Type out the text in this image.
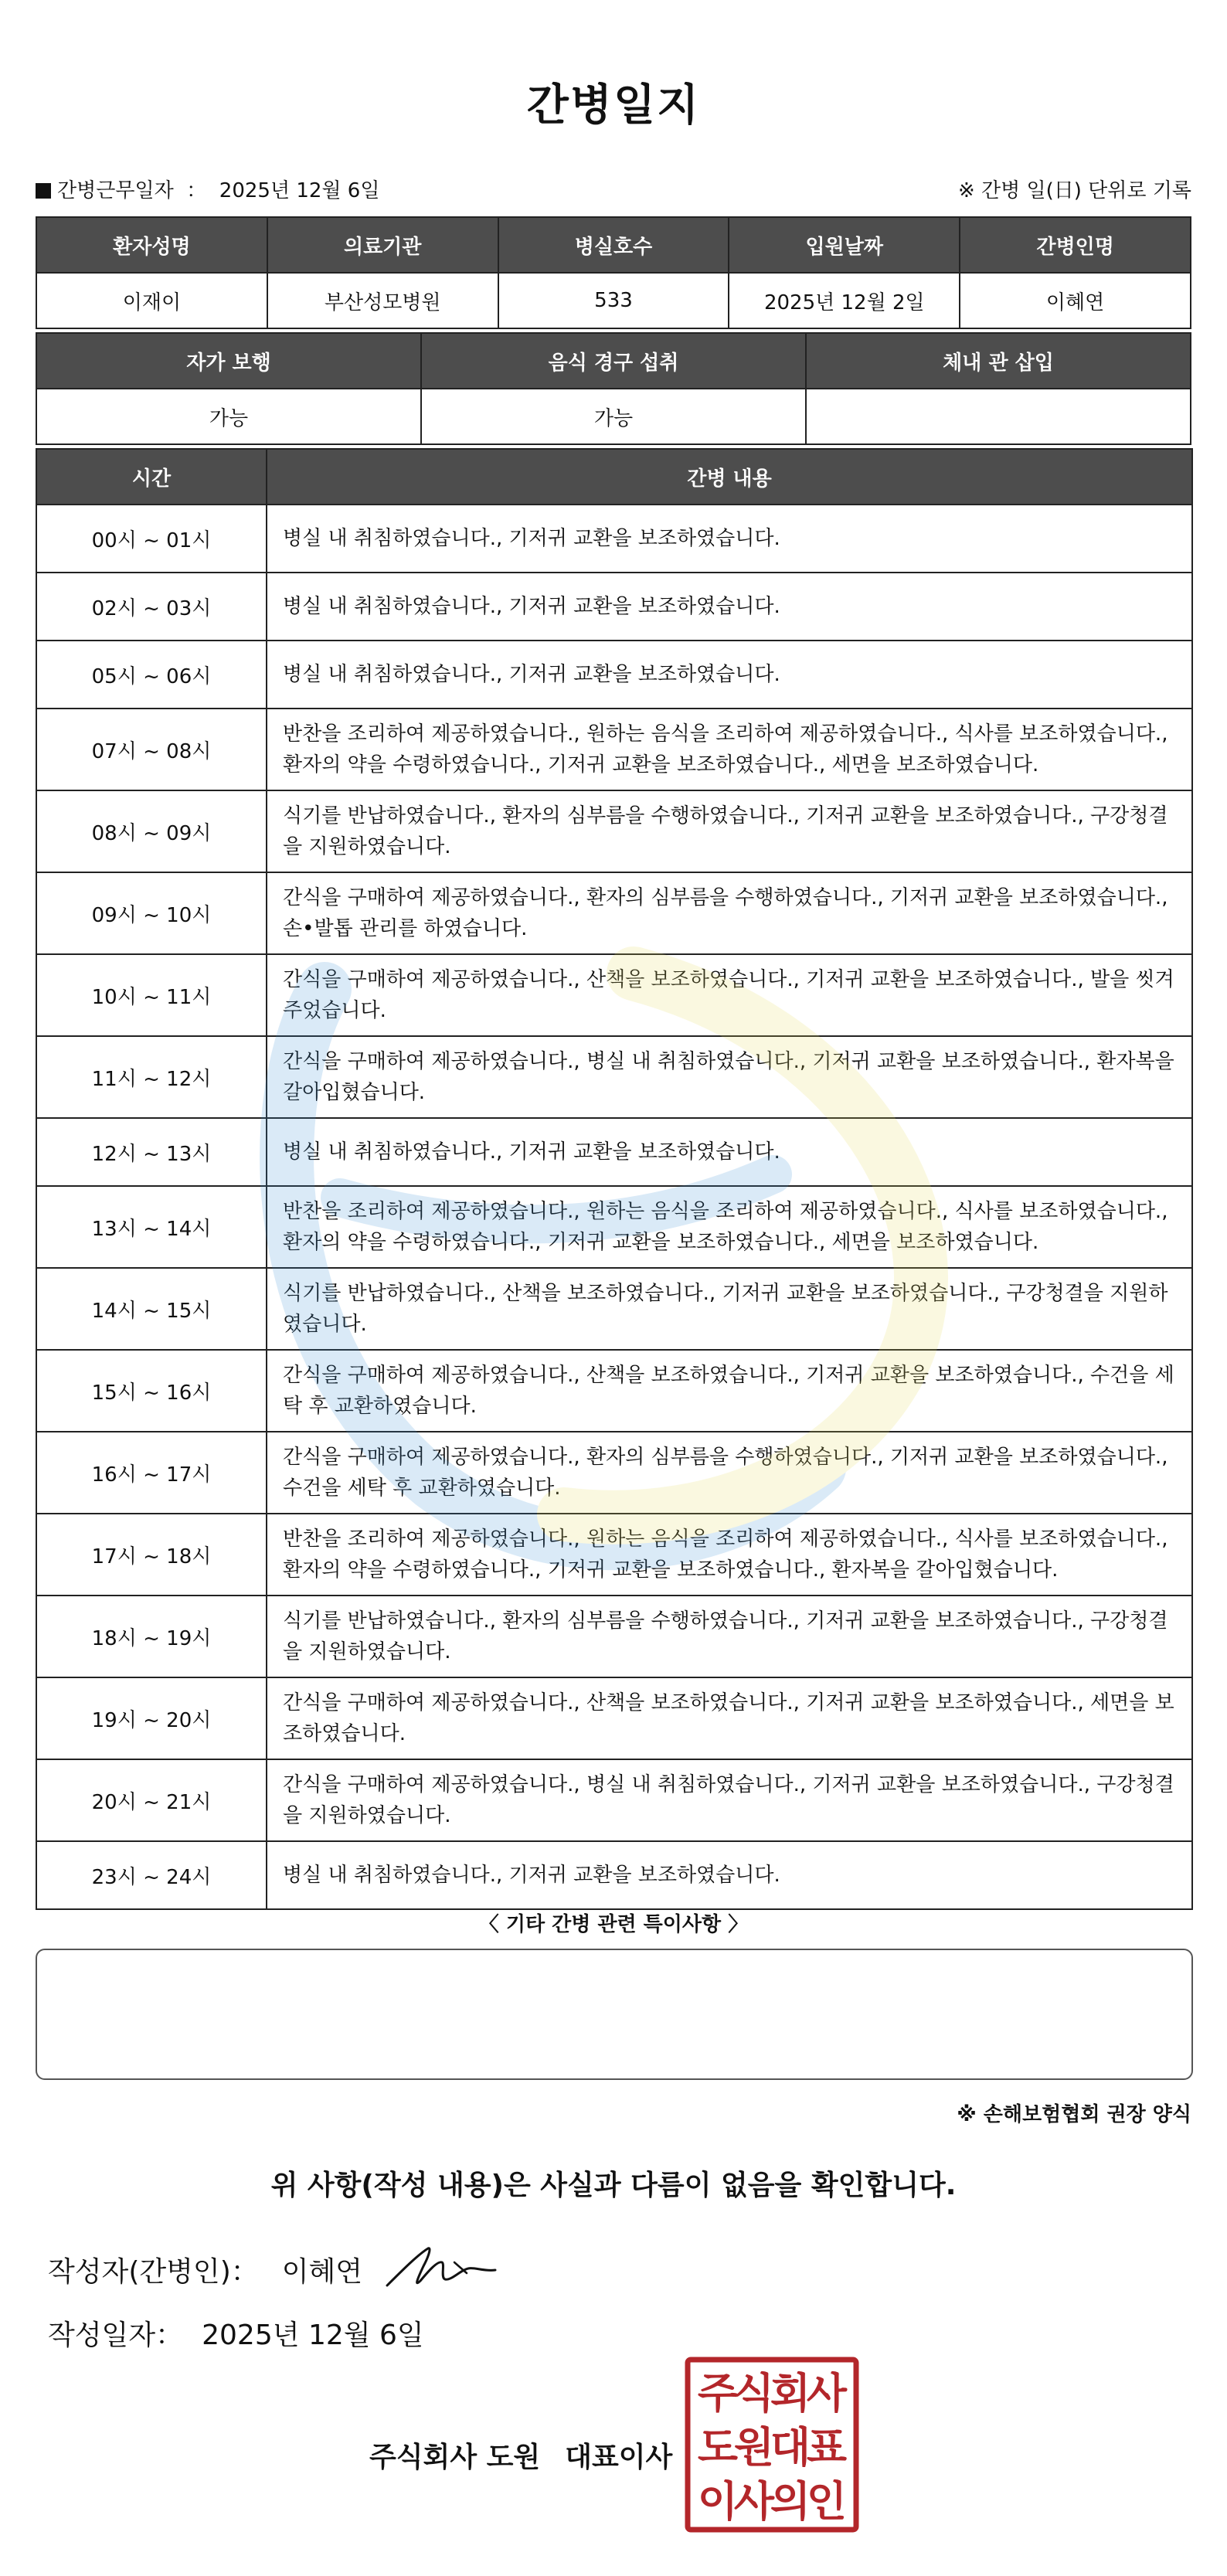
간병일지
간병근무일자 ： 2025년 12월 6일	※ 간병 일(日) 단위로 기록
환자성명	의료기관	병실호수	입원날짜	간병인명
이재이	부산성모병원	533	2025년 12월 2일	이혜연
자가 보행	음식 경구 섭취	체내 관 삽입
가능	가능	
시간	간병 내용
00시 ~ 01시	병실 내 취침하였습니다., 기저귀 교환을 보조하였습니다.
02시 ~ 03시	병실 내 취침하였습니다., 기저귀 교환을 보조하였습니다.
05시 ~ 06시	병실 내 취침하였습니다., 기저귀 교환을 보조하였습니다.
07시 ~ 08시	반찬을 조리하여 제공하였습니다., 원하는 음식을 조리하여 제공하였습니다., 식사를 보조하였습니다., 환자의 약을 수령하였습니다., 기저귀 교환을 보조하였습니다., 세면을 보조하였습니다.
08시 ~ 09시	식기를 반납하였습니다., 환자의 심부름을 수행하였습니다., 기저귀 교환을 보조하였습니다., 구강청결을 지원하였습니다.
09시 ~ 10시	간식을 구매하여 제공하였습니다., 환자의 심부름을 수행하였습니다., 기저귀 교환을 보조하였습니다., 손•발톱 관리를 하였습니다.
10시 ~ 11시	간식을 구매하여 제공하였습니다., 산책을 보조하였습니다., 기저귀 교환을 보조하였습니다., 발을 씻겨주었습니다.
11시 ~ 12시	간식을 구매하여 제공하였습니다., 병실 내 취침하였습니다., 기저귀 교환을 보조하였습니다., 환자복을 갈아입혔습니다.
12시 ~ 13시	병실 내 취침하였습니다., 기저귀 교환을 보조하였습니다.
13시 ~ 14시	반찬을 조리하여 제공하였습니다., 원하는 음식을 조리하여 제공하였습니다., 식사를 보조하였습니다., 환자의 약을 수령하였습니다., 기저귀 교환을 보조하였습니다., 세면을 보조하였습니다.
14시 ~ 15시	식기를 반납하였습니다., 산책을 보조하였습니다., 기저귀 교환을 보조하였습니다., 구강청결을 지원하였습니다.
15시 ~ 16시	간식을 구매하여 제공하였습니다., 산책을 보조하였습니다., 기저귀 교환을 보조하였습니다., 수건을 세탁 후 교환하였습니다.
16시 ~ 17시	간식을 구매하여 제공하였습니다., 환자의 심부름을 수행하였습니다., 기저귀 교환을 보조하였습니다., 수건을 세탁 후 교환하였습니다.
17시 ~ 18시	반찬을 조리하여 제공하였습니다., 원하는 음식을 조리하여 제공하였습니다., 식사를 보조하였습니다., 환자의 약을 수령하였습니다., 기저귀 교환을 보조하였습니다., 환자복을 갈아입혔습니다.
18시 ~ 19시	식기를 반납하였습니다., 환자의 심부름을 수행하였습니다., 기저귀 교환을 보조하였습니다., 구강청결을 지원하였습니다.
19시 ~ 20시	간식을 구매하여 제공하였습니다., 산책을 보조하였습니다., 기저귀 교환을 보조하였습니다., 세면을 보조하였습니다.
20시 ~ 21시	간식을 구매하여 제공하였습니다., 병실 내 취침하였습니다., 기저귀 교환을 보조하였습니다., 구강청결을 지원하였습니다.
23시 ~ 24시	병실 내 취침하였습니다., 기저귀 교환을 보조하였습니다.
〈 기타 간병 관련 특이사항 〉
※ 손해보험협회 권장 양식
위 사항(작성 내용)은 사실과 다름이 없음을 확인합니다.
작성자(간병인)： 이혜연
작성일자： 2025년 12월 6일
주식회사 도원 대표이사
주
식
회
사
도
원
대
표
이
사
의
인
